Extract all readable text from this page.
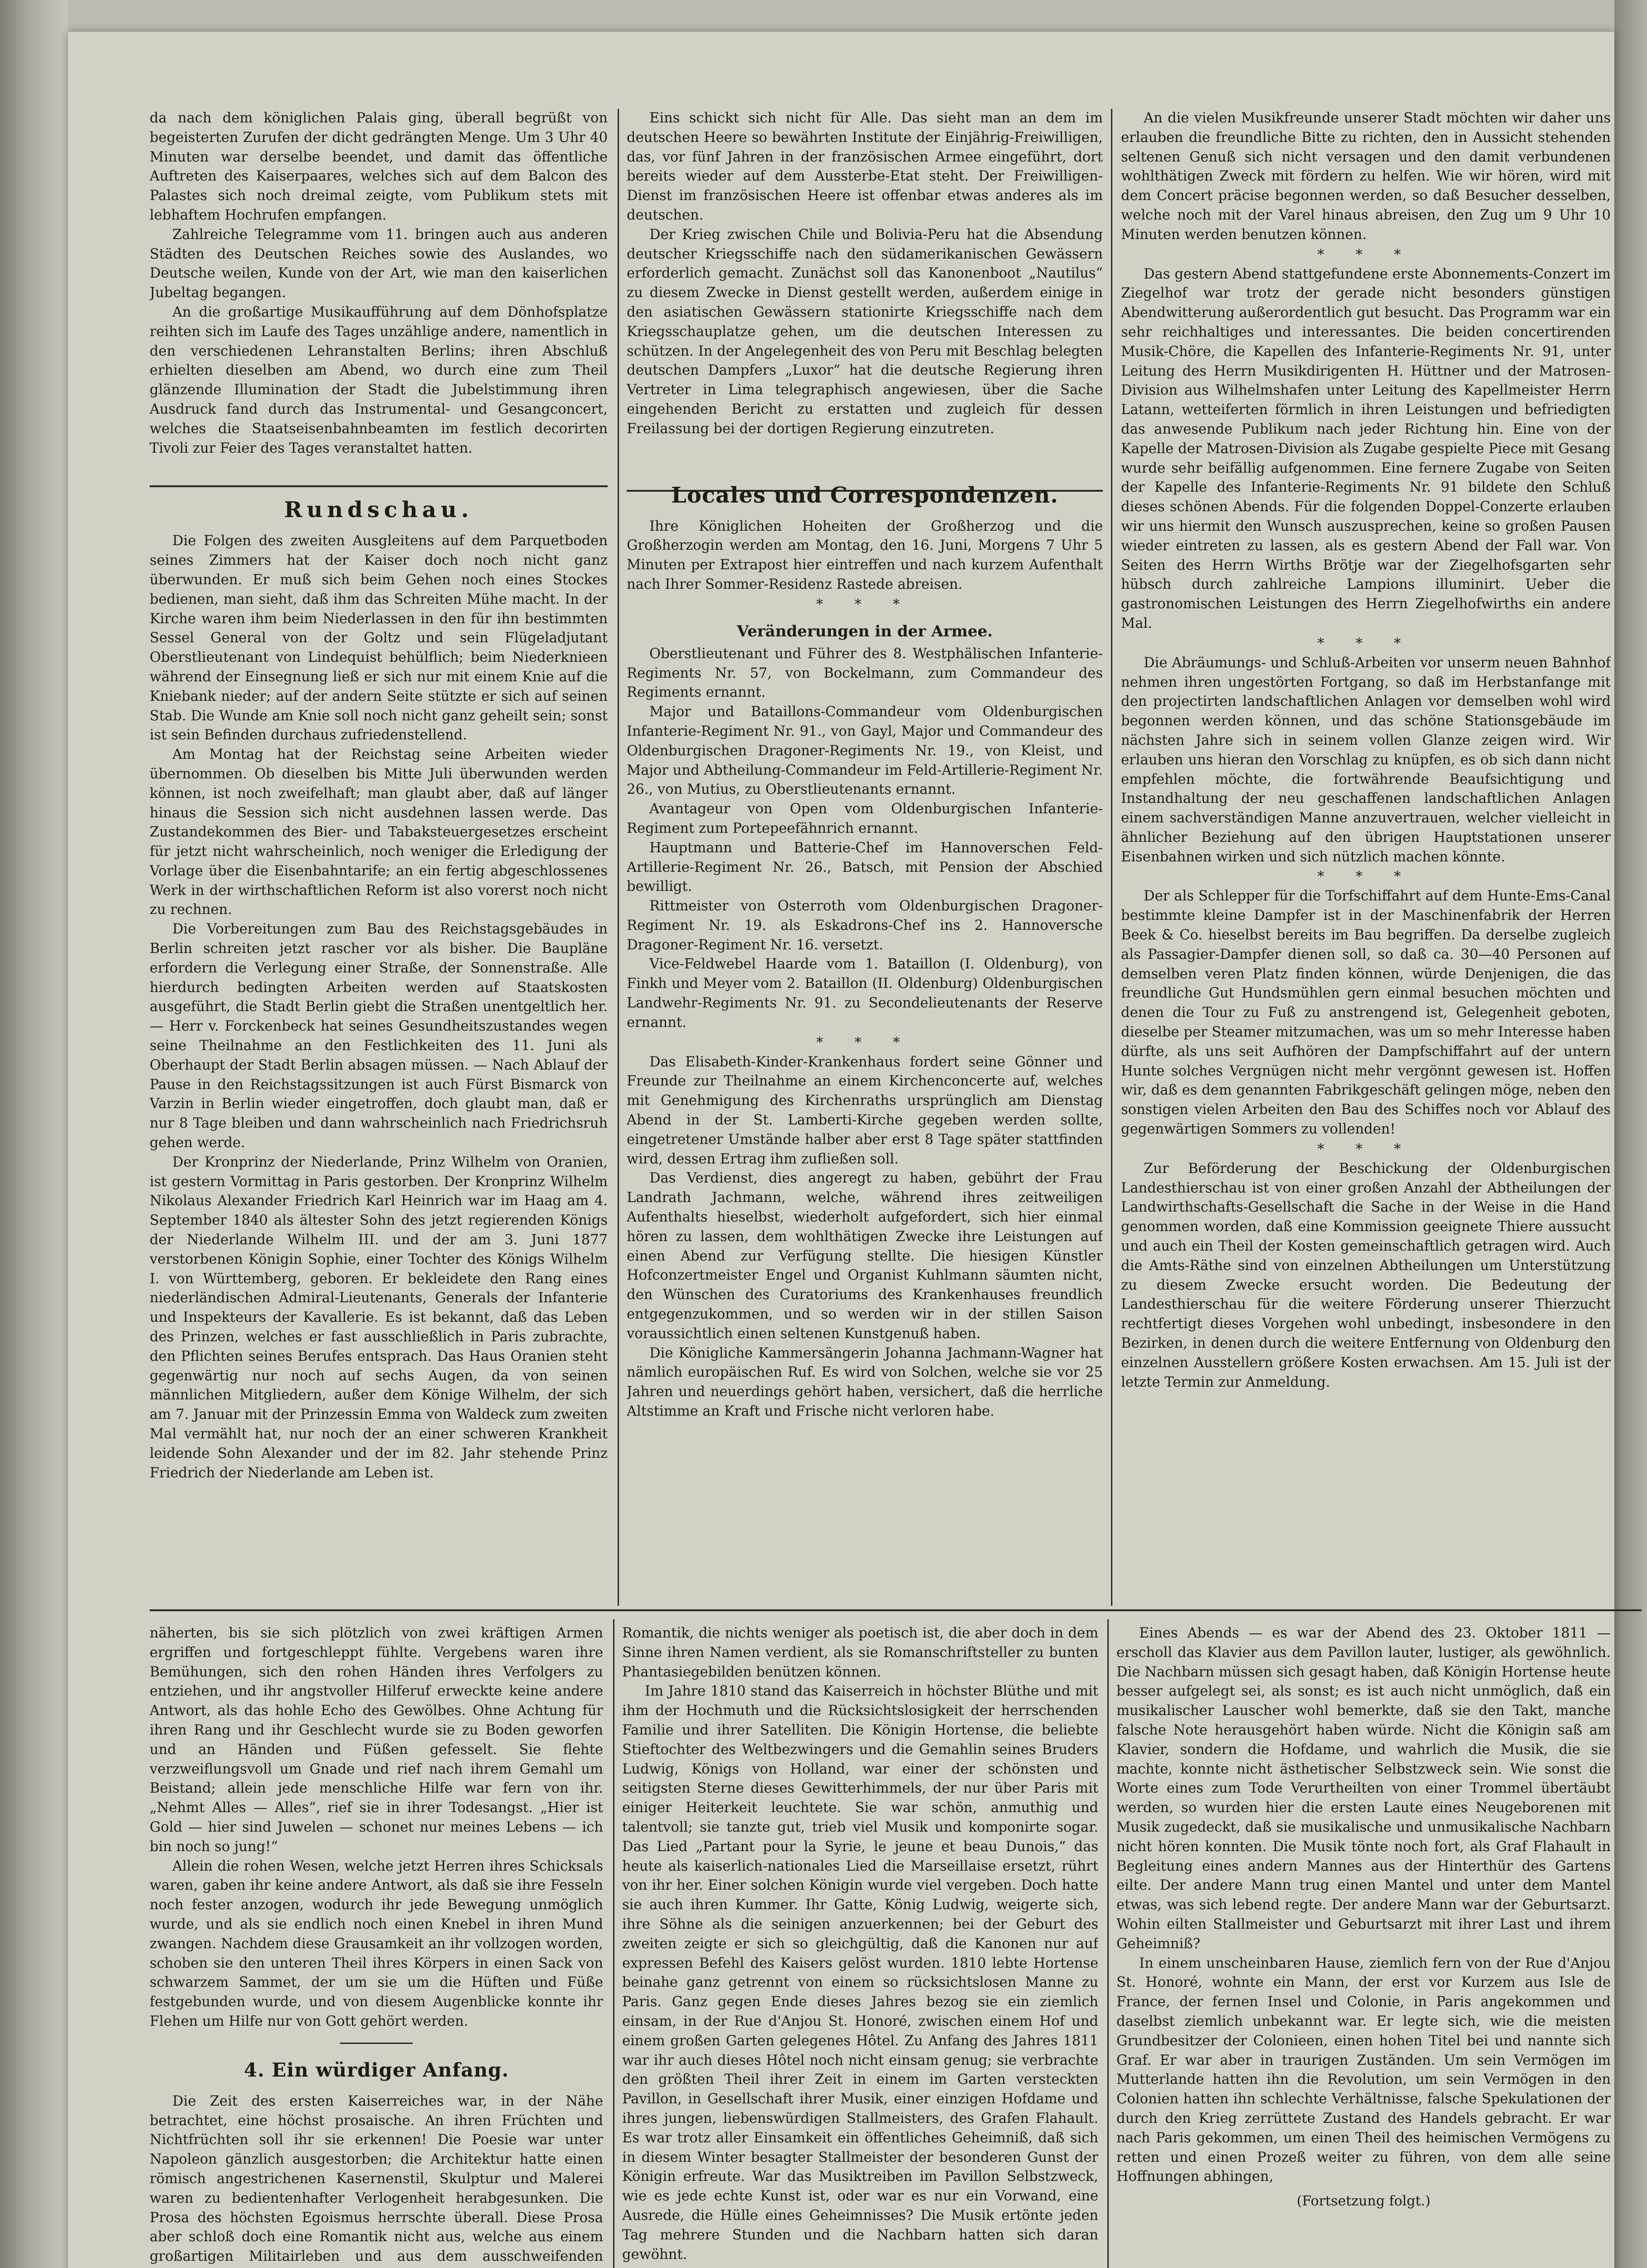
da nach dem königlichen Palais ging, überall begrüßt von begeisterten Zurufen der dicht gedrängten Menge. Um 3 Uhr 40 Minuten war derselbe beendet, und damit das öffentliche Auftreten des Kaiserpaares, welches sich auf dem Balcon des Palastes sich noch dreimal zeigte, vom Publikum stets mit lebhaftem Hochrufen empfangen.

Zahlreiche Telegramme vom 11. bringen auch aus anderen Städten des Deutschen Reiches sowie des Auslandes, wo Deutsche weilen, Kunde von der Art, wie man den kaiserlichen Jubeltag begangen.

An die großartige Musikaufführung auf dem Dönhofsplatze reihten sich im Laufe des Tages unzählige andere, namentlich in den verschiedenen Lehranstalten Berlins; ihren Abschluß erhielten dieselben am Abend, wo durch eine zum Theil glänzende Illumination der Stadt die Jubelstimmung ihren Ausdruck fand durch das Instrumental- und Gesangconcert, welches die Staatseisenbahnbeamten im festlich decorirten Tivoli zur Feier des Tages veranstaltet hatten.

Rundschau.

Die Folgen des zweiten Ausgleitens auf dem Parquetboden seines Zimmers hat der Kaiser doch noch nicht ganz überwunden. Er muß sich beim Gehen noch eines Stockes bedienen, man sieht, daß ihm das Schreiten Mühe macht. In der Kirche waren ihm beim Niederlassen in den für ihn bestimmten Sessel General von der Goltz und sein Flügeladjutant Oberstlieutenant von Lindequist behülflich; beim Niederknieen während der Einsegnung ließ er sich nur mit einem Knie auf die Kniebank nieder; auf der andern Seite stützte er sich auf seinen Stab. Die Wunde am Knie soll noch nicht ganz geheilt sein; sonst ist sein Befinden durchaus zufriedenstellend.

Am Montag hat der Reichstag seine Arbeiten wieder übernommen. Ob dieselben bis Mitte Juli überwunden werden können, ist noch zweifelhaft; man glaubt aber, daß auf länger hinaus die Session sich nicht ausdehnen lassen werde. Das Zustandekommen des Bier- und Tabaksteuergesetzes erscheint für jetzt nicht wahrscheinlich, noch weniger die Erledigung der Vorlage über die Eisenbahntarife; an ein fertig abgeschlossenes Werk in der wirthschaftlichen Reform ist also vorerst noch nicht zu rechnen.

Die Vorbereitungen zum Bau des Reichstagsgebäudes in Berlin schreiten jetzt rascher vor als bisher. Die Baupläne erfordern die Verlegung einer Straße, der Sonnenstraße. Alle hierdurch bedingten Arbeiten werden auf Staatskosten ausgeführt, die Stadt Berlin giebt die Straßen unentgeltlich her. — Herr v. Forckenbeck hat seines Gesundheitszustandes wegen seine Theilnahme an den Festlichkeiten des 11. Juni als Oberhaupt der Stadt Berlin absagen müssen. — Nach Ablauf der Pause in den Reichstagssitzungen ist auch Fürst Bismarck von Varzin in Berlin wieder eingetroffen, doch glaubt man, daß er nur 8 Tage bleiben und dann wahrscheinlich nach Friedrichsruh gehen werde.

Der Kronprinz der Niederlande, Prinz Wilhelm von Oranien, ist gestern Vormittag in Paris gestorben. Der Kronprinz Wilhelm Nikolaus Alexander Friedrich Karl Heinrich war im Haag am 4. September 1840 als ältester Sohn des jetzt regierenden Königs der Niederlande Wilhelm III. und der am 3. Juni 1877 verstorbenen Königin Sophie, einer Tochter des Königs Wilhelm I. von Württemberg, geboren. Er bekleidete den Rang eines niederländischen Admiral-Lieutenants, Generals der Infanterie und Inspekteurs der Kavallerie. Es ist bekannt, daß das Leben des Prinzen, welches er fast ausschließlich in Paris zubrachte, den Pflichten seines Berufes entsprach. Das Haus Oranien steht gegenwärtig nur noch auf sechs Augen, da von seinen männlichen Mitgliedern, außer dem Könige Wilhelm, der sich am 7. Januar mit der Prinzessin Emma von Waldeck zum zweiten Mal vermählt hat, nur noch der an einer schweren Krankheit leidende Sohn Alexander und der im 82. Jahr stehende Prinz Friedrich der Niederlande am Leben ist.

Eins schickt sich nicht für Alle. Das sieht man an dem im deutschen Heere so bewährten Institute der Einjährig-Freiwilligen, das, vor fünf Jahren in der französischen Armee eingeführt, dort bereits wieder auf dem Aussterbe-Etat steht. Der Freiwilligen-Dienst im französischen Heere ist offenbar etwas anderes als im deutschen.

Der Krieg zwischen Chile und Bolivia-Peru hat die Absendung deutscher Kriegsschiffe nach den südamerikanischen Gewässern erforderlich gemacht. Zunächst soll das Kanonenboot „Nautilus“ zu diesem Zwecke in Dienst gestellt werden, außerdem einige in den asiatischen Gewässern stationirte Kriegsschiffe nach dem Kriegsschauplatze gehen, um die deutschen Interessen zu schützen. In der Angelegenheit des von Peru mit Beschlag belegten deutschen Dampfers „Luxor“ hat die deutsche Regierung ihren Vertreter in Lima telegraphisch angewiesen, über die Sache eingehenden Bericht zu erstatten und zugleich für dessen Freilassung bei der dortigen Regierung einzutreten.

Locales und Correspondenzen.

Ihre Königlichen Hoheiten der Großherzog und die Großherzogin werden am Montag, den 16. Juni, Morgens 7 Uhr 5 Minuten per Extrapost hier eintreffen und nach kurzem Aufenthalt nach Ihrer Sommer-Residenz Rastede abreisen.

* * *
Veränderungen in der Armee.

Oberstlieutenant und Führer des 8. Westphälischen Infanterie-Regiments Nr. 57, von Bockelmann, zum Commandeur des Regiments ernannt.

Major und Bataillons-Commandeur vom Oldenburgischen Infanterie-Regiment Nr. 91., von Gayl, Major und Commandeur des Oldenburgischen Dragoner-Regiments Nr. 19., von Kleist, und Major und Abtheilung-Commandeur im Feld-Artillerie-Regiment Nr. 26., von Mutius, zu Oberstlieutenants ernannt.

Avantageur von Open vom Oldenburgischen Infanterie-Regiment zum Portepeefähnrich ernannt.

Hauptmann und Batterie-Chef im Hannoverschen Feld-Artillerie-Regiment Nr. 26., Batsch, mit Pension der Abschied bewilligt.

Rittmeister von Osterroth vom Oldenburgischen Dragoner-Regiment Nr. 19. als Eskadrons-Chef ins 2. Hannoversche Dragoner-Regiment Nr. 16. versetzt.

Vice-Feldwebel Haarde vom 1. Bataillon (I. Oldenburg), von Finkh und Meyer vom 2. Bataillon (II. Oldenburg) Oldenburgischen Landwehr-Regiments Nr. 91. zu Secondelieutenants der Reserve ernannt.

* * *

Das Elisabeth-Kinder-Krankenhaus fordert seine Gönner und Freunde zur Theilnahme an einem Kirchenconcerte auf, welches mit Genehmigung des Kirchenraths ursprünglich am Dienstag Abend in der St. Lamberti-Kirche gegeben werden sollte, eingetretener Umstände halber aber erst 8 Tage später stattfinden wird, dessen Ertrag ihm zufließen soll.

Das Verdienst, dies angeregt zu haben, gebührt der Frau Landrath Jachmann, welche, während ihres zeitweiligen Aufenthalts hieselbst, wiederholt aufgefordert, sich hier einmal hören zu lassen, dem wohlthätigen Zwecke ihre Leistungen auf einen Abend zur Verfügung stellte. Die hiesigen Künstler Hofconzertmeister Engel und Organist Kuhlmann säumten nicht, den Wünschen des Curatoriums des Krankenhauses freundlich entgegenzukommen, und so werden wir in der stillen Saison voraussichtlich einen seltenen Kunstgenuß haben.

Die Königliche Kammersängerin Johanna Jachmann-Wagner hat nämlich europäischen Ruf. Es wird von Solchen, welche sie vor 25 Jahren und neuerdings gehört haben, versichert, daß die herrliche Altstimme an Kraft und Frische nicht verloren habe.

An die vielen Musikfreunde unserer Stadt möchten wir daher uns erlauben die freundliche Bitte zu richten, den in Aussicht stehenden seltenen Genuß sich nicht versagen und den damit verbundenen wohlthätigen Zweck mit fördern zu helfen. Wie wir hören, wird mit dem Concert präcise begonnen werden, so daß Besucher desselben, welche noch mit der Varel hinaus abreisen, den Zug um 9 Uhr 10 Minuten werden benutzen können.

* * *

Das gestern Abend stattgefundene erste Abonnements-Conzert im Ziegelhof war trotz der gerade nicht besonders günstigen Abendwitterung außerordentlich gut besucht. Das Programm war ein sehr reichhaltiges und interessantes. Die beiden concertirenden Musik-Chöre, die Kapellen des Infanterie-Regiments Nr. 91, unter Leitung des Herrn Musikdirigenten H. Hüttner und der Matrosen-Division aus Wilhelmshafen unter Leitung des Kapellmeister Herrn Latann, wetteiferten förmlich in ihren Leistungen und befriedigten das anwesende Publikum nach jeder Richtung hin. Eine von der Kapelle der Matrosen-Division als Zugabe gespielte Piece mit Gesang wurde sehr beifällig aufgenommen. Eine fernere Zugabe von Seiten der Kapelle des Infanterie-Regiments Nr. 91 bildete den Schluß dieses schönen Abends. Für die folgenden Doppel-Conzerte erlauben wir uns hiermit den Wunsch auszusprechen, keine so großen Pausen wieder eintreten zu lassen, als es gestern Abend der Fall war. Von Seiten des Herrn Wirths Brötje war der Ziegelhofsgarten sehr hübsch durch zahlreiche Lampions illuminirt. Ueber die gastronomischen Leistungen des Herrn Ziegelhofwirths ein andere Mal.

* * *

Die Abräumungs- und Schluß-Arbeiten vor unserm neuen Bahnhof nehmen ihren ungestörten Fortgang, so daß im Herbstanfange mit den projectirten landschaftlichen Anlagen vor demselben wohl wird begonnen werden können, und das schöne Stationsgebäude im nächsten Jahre sich in seinem vollen Glanze zeigen wird. Wir erlauben uns hieran den Vorschlag zu knüpfen, es ob sich dann nicht empfehlen möchte, die fortwährende Beaufsichtigung und Instandhaltung der neu geschaffenen landschaftlichen Anlagen einem sachverständigen Manne anzuvertrauen, welcher vielleicht in ähnlicher Beziehung auf den übrigen Hauptstationen unserer Eisenbahnen wirken und sich nützlich machen könnte.

* * *

Der als Schlepper für die Torfschiffahrt auf dem Hunte-Ems-Canal bestimmte kleine Dampfer ist in der Maschinenfabrik der Herren Beek & Co. hieselbst bereits im Bau begriffen. Da derselbe zugleich als Passagier-Dampfer dienen soll, so daß ca. 30—40 Personen auf demselben veren Platz finden können, würde Denjenigen, die das freundliche Gut Hundsmühlen gern einmal besuchen möchten und denen die Tour zu Fuß zu anstrengend ist, Gelegenheit geboten, dieselbe per Steamer mitzumachen, was um so mehr Interesse haben dürfte, als uns seit Aufhören der Dampfschiffahrt auf der untern Hunte solches Vergnügen nicht mehr vergönnt gewesen ist. Hoffen wir, daß es dem genannten Fabrikgeschäft gelingen möge, neben den sonstigen vielen Arbeiten den Bau des Schiffes noch vor Ablauf des gegenwärtigen Sommers zu vollenden!

* * *

Zur Beförderung der Beschickung der Oldenburgischen Landesthierschau ist von einer großen Anzahl der Abtheilungen der Landwirthschafts-Gesellschaft die Sache in der Weise in die Hand genommen worden, daß eine Kommission geeignete Thiere aussucht und auch ein Theil der Kosten gemeinschaftlich getragen wird. Auch die Amts-Räthe sind von einzelnen Abtheilungen um Unterstützung zu diesem Zwecke ersucht worden. Die Bedeutung der Landesthierschau für die weitere Förderung unserer Thierzucht rechtfertigt dieses Vorgehen wohl unbedingt, insbesondere in den Bezirken, in denen durch die weitere Entfernung von Oldenburg den einzelnen Ausstellern größere Kosten erwachsen. Am 15. Juli ist der letzte Termin zur Anmeldung.

näherten, bis sie sich plötzlich von zwei kräftigen Armen ergriffen und fortgeschleppt fühlte. Vergebens waren ihre Bemühungen, sich den rohen Händen ihres Verfolgers zu entziehen, und ihr angstvoller Hilferuf erweckte keine andere Antwort, als das hohle Echo des Gewölbes. Ohne Achtung für ihren Rang und ihr Geschlecht wurde sie zu Boden geworfen und an Händen und Füßen gefesselt. Sie flehte verzweiflungsvoll um Gnade und rief nach ihrem Gemahl um Beistand; allein jede menschliche Hilfe war fern von ihr. „Nehmt Alles — Alles“, rief sie in ihrer Todesangst. „Hier ist Gold — hier sind Juwelen — schonet nur meines Lebens — ich bin noch so jung!“

Allein die rohen Wesen, welche jetzt Herren ihres Schicksals waren, gaben ihr keine andere Antwort, als daß sie ihre Fesseln noch fester anzogen, wodurch ihr jede Bewegung unmöglich wurde, und als sie endlich noch einen Knebel in ihren Mund zwangen. Nachdem diese Grausamkeit an ihr vollzogen worden, schoben sie den unteren Theil ihres Körpers in einen Sack von schwarzem Sammet, der um sie um die Hüften und Füße festgebunden wurde, und von diesem Augenblicke konnte ihr Flehen um Hilfe nur von Gott gehört werden.

4. Ein würdiger Anfang.

Die Zeit des ersten Kaiserreiches war, in der Nähe betrachtet, eine höchst prosaische. An ihren Früchten und Nichtfrüchten soll ihr sie erkennen! Die Poesie war unter Napoleon gänzlich ausgestorben; die Architektur hatte einen römisch angestrichenen Kasernenstil, Skulptur und Malerei waren zu bedientenhafter Verlogenheit herabgesunken. Die Prosa des höchsten Egoismus herrschte überall. Diese Prosa aber schloß doch eine Romantik nicht aus, welche aus einem großartigen Militairleben und aus dem ausschweifenden

Romantik, die nichts weniger als poetisch ist, die aber doch in dem Sinne ihren Namen verdient, als sie Romanschriftsteller zu bunten Phantasiegebilden benützen können.

Im Jahre 1810 stand das Kaiserreich in höchster Blüthe und mit ihm der Hochmuth und die Rücksichtslosigkeit der herrschenden Familie und ihrer Satelliten. Die Königin Hortense, die beliebte Stieftochter des Weltbezwingers und die Gemahlin seines Bruders Ludwig, Königs von Holland, war einer der schönsten und seitigsten Sterne dieses Gewitterhimmels, der nur über Paris mit einiger Heiterkeit leuchtete. Sie war schön, anmuthig und talentvoll; sie tanzte gut, trieb viel Musik und komponirte sogar. Das Lied „Partant pour la Syrie, le jeune et beau Dunois,“ das heute als kaiserlich-nationales Lied die Marseillaise ersetzt, rührt von ihr her. Einer solchen Königin wurde viel vergeben. Doch hatte sie auch ihren Kummer. Ihr Gatte, König Ludwig, weigerte sich, ihre Söhne als die seinigen anzuerkennen; bei der Geburt des zweiten zeigte er sich so gleichgültig, daß die Kanonen nur auf expressen Befehl des Kaisers gelöst wurden. 1810 lebte Hortense beinahe ganz getrennt von einem so rücksichtslosen Manne zu Paris. Ganz gegen Ende dieses Jahres bezog sie ein ziemlich einsam, in der Rue d'Anjou St. Honoré, zwischen einem Hof und einem großen Garten gelegenes Hôtel. Zu Anfang des Jahres 1811 war ihr auch dieses Hôtel noch nicht einsam genug; sie verbrachte den größten Theil ihrer Zeit in einem im Garten versteckten Pavillon, in Gesellschaft ihrer Musik, einer einzigen Hofdame und ihres jungen, liebenswürdigen Stallmeisters, des Grafen Flahault. Es war trotz aller Einsamkeit ein öffentliches Geheimniß, daß sich in diesem Winter besagter Stallmeister der besonderen Gunst der Königin erfreute. War das Musiktreiben im Pavillon Selbstzweck, wie es jede echte Kunst ist, oder war es nur ein Vorwand, eine Ausrede, die Hülle eines Geheimnisses? Die Musik ertönte jeden Tag mehrere Stunden und die Nachbarn hatten sich daran gewöhnt.

Eines Abends — es war der Abend des 23. Oktober 1811 — erscholl das Klavier aus dem Pavillon lauter, lustiger, als gewöhnlich. Die Nachbarn müssen sich gesagt haben, daß Königin Hortense heute besser aufgelegt sei, als sonst; es ist auch nicht unmöglich, daß ein musikalischer Lauscher wohl bemerkte, daß sie den Takt, manche falsche Note herausgehört haben würde. Nicht die Königin saß am Klavier, sondern die Hofdame, und wahrlich die Musik, die sie machte, konnte nicht ästhetischer Selbstzweck sein. Wie sonst die Worte eines zum Tode Verurtheilten von einer Trommel übertäubt werden, so wurden hier die ersten Laute eines Neugeborenen mit Musik zugedeckt, daß sie musikalische und unmusikalische Nachbarn nicht hören konnten. Die Musik tönte noch fort, als Graf Flahault in Begleitung eines andern Mannes aus der Hinterthür des Gartens eilte. Der andere Mann trug einen Mantel und unter dem Mantel etwas, was sich lebend regte. Der andere Mann war der Geburtsarzt. Wohin eilten Stallmeister und Geburtsarzt mit ihrer Last und ihrem Geheimniß?

In einem unscheinbaren Hause, ziemlich fern von der Rue d'Anjou St. Honoré, wohnte ein Mann, der erst vor Kurzem aus Isle de France, der fernen Insel und Colonie, in Paris angekommen und daselbst ziemlich unbekannt war. Er legte sich, wie die meisten Grundbesitzer der Colonieen, einen hohen Titel bei und nannte sich Graf. Er war aber in traurigen Zuständen. Um sein Vermögen im Mutterlande hatten ihn die Revolution, um sein Vermögen in den Colonien hatten ihn schlechte Verhältnisse, falsche Spekulationen der durch den Krieg zerrüttete Zustand des Handels gebracht. Er war nach Paris gekommen, um einen Theil des heimischen Vermögens zu retten und einen Prozeß weiter zu führen, von dem alle seine Hoffnungen abhingen,

(Fortsetzung folgt.)
